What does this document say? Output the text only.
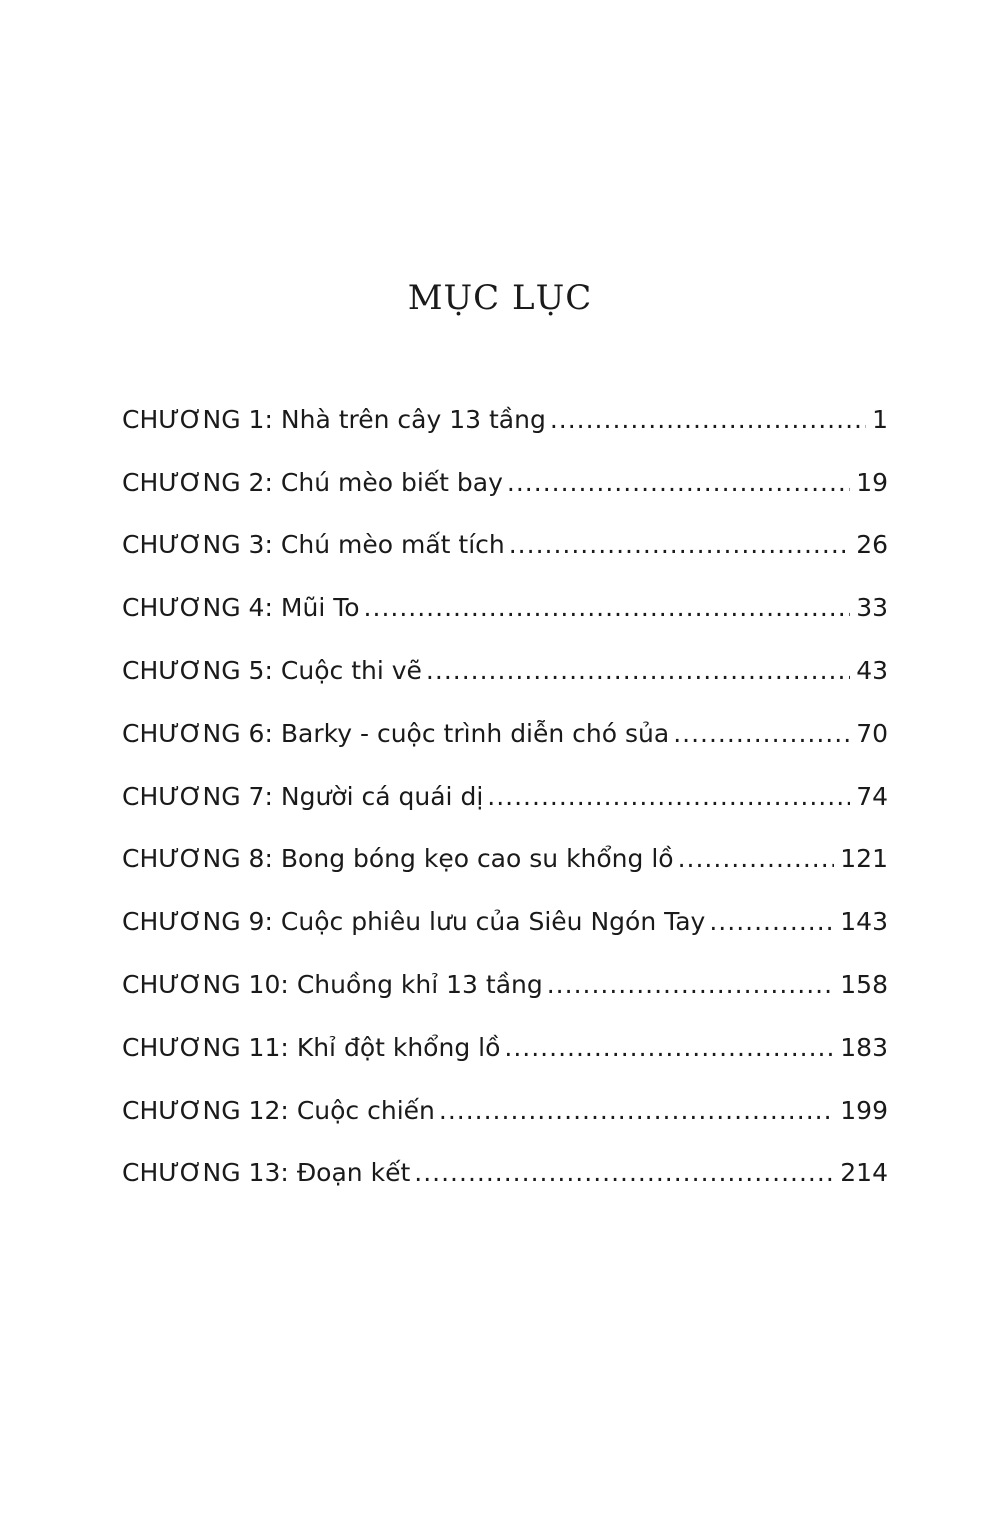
MỤC LỤC
CHƯƠNG 1 : Nhà trên cây 13 tầng .....	1
CHƯƠNG 2 : Chú mèo biết bay .....	19
CHƯƠNG 3 : Chú mèo mất tích .....	26
CHƯƠNG 4 : Mũi To .....	33
CHƯƠNG 5 : Cuộc thi vẽ .....	43
CHƯƠNG 6 : Barky - cuộc trình diễn chó sủa .....	70
CHƯƠNG 7 : Người cá quái dị .....	74
CHƯƠNG 8 : Bong bóng kẹo cao su khổng lồ .....	121
CHƯƠNG 9 : Cuộc phiêu lưu của Siêu Ngón Tay .....	143
CHƯƠNG 10 : Chuồng khỉ 13 tầng .....	158
CHƯƠNG 11 : Khỉ đột khổng lồ .....	183
CHƯƠNG 12 : Cuộc chiến .....	199
CHƯƠNG 13 : Đoạn kết .....	214
